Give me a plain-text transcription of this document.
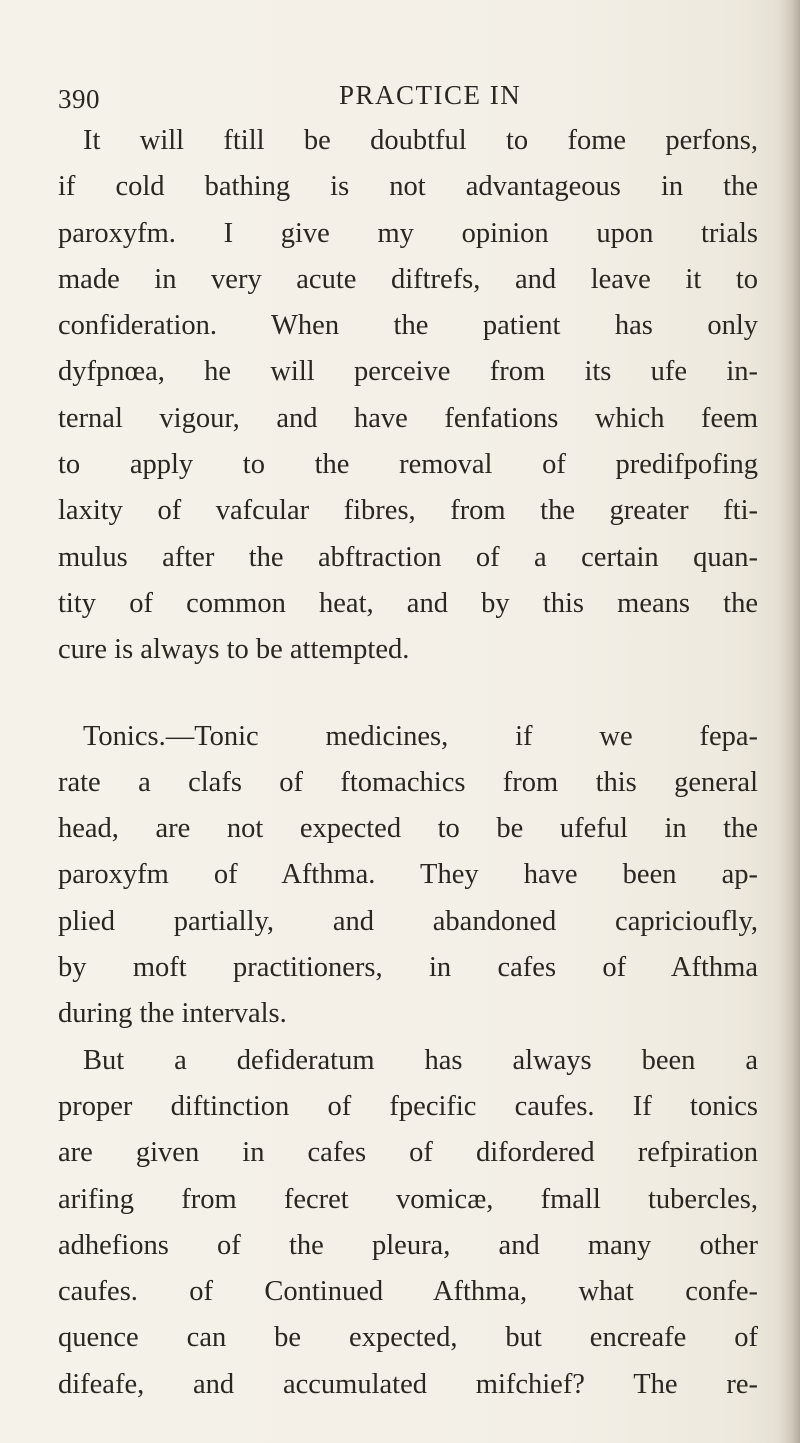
390	PRACTICE IN
It will ftill be doubtful to fome perfons,
if cold bathing is not advantageous in the
paroxyfm. I give my opinion upon trials
made in very acute diftrefs, and leave it to
confideration. When the patient has only
dyfpnœa, he will perceive from its ufe in-
ternal vigour, and have fenfations which feem
to apply to the removal of predifpofing
laxity of vafcular fibres, from the greater fti-
mulus after the abftraction of a certain quan-
tity of common heat, and by this means the
cure is always to be attempted.
Tonics.—Tonic medicines, if we fepa-
rate a clafs of ftomachics from this general
head, are not expected to be ufeful in the
paroxyfm of Afthma. They have been ap-
plied partially, and abandoned capricioufly,
by moft practitioners, in cafes of Afthma
during the intervals.
But a defideratum has always been a
proper diftinction of fpecific caufes. If tonics
are given in cafes of difordered refpiration
arifing from fecret vomicæ, fmall tubercles,
adhefions of the pleura, and many other
caufes. of Continued Afthma, what confe-
quence can be expected, but encreafe of
difeafe, and accumulated mifchief? The re-
